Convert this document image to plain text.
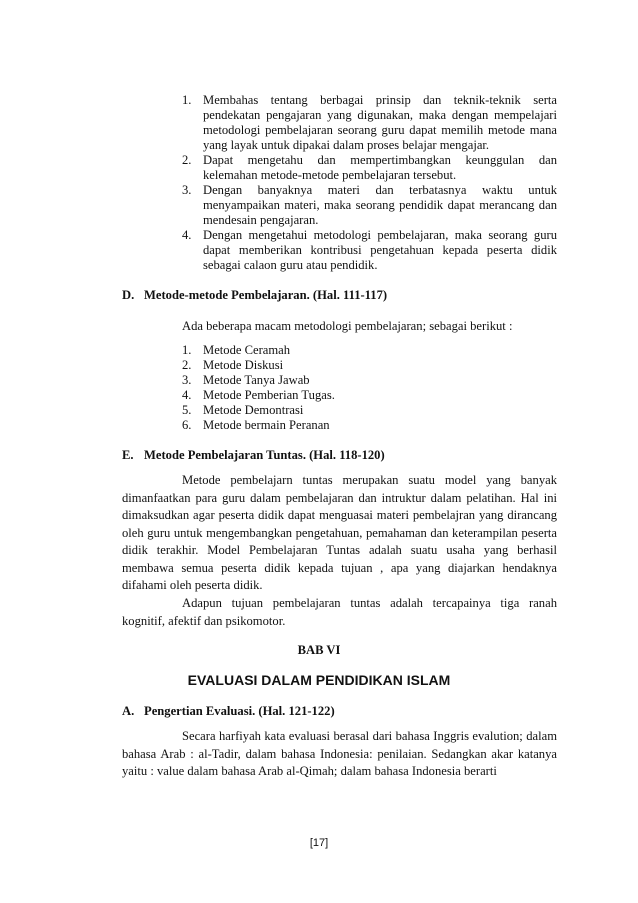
1. Membahas tentang berbagai prinsip dan teknik-teknik serta pendekatan pengajaran yang digunakan, maka dengan mempelajari metodologi pembelajaran seorang guru dapat memilih metode mana yang layak untuk dipakai dalam proses belajar mengajar.
2. Dapat mengetahu dan mempertimbangkan keunggulan dan kelemahan metode-metode pembelajaran tersebut.
3. Dengan banyaknya materi dan terbatasnya waktu untuk menyampaikan materi, maka seorang pendidik dapat merancang dan mendesain pengajaran.
4. Dengan mengetahui metodologi pembelajaran, maka seorang guru dapat memberikan kontribusi pengetahuan kepada peserta didik sebagai calaon guru atau pendidik.
D. Metode-metode Pembelajaran. (Hal. 111-117)
Ada beberapa macam metodologi pembelajaran; sebagai berikut :
1. Metode Ceramah
2. Metode Diskusi
3. Metode Tanya Jawab
4. Metode Pemberian Tugas.
5. Metode Demontrasi
6. Metode bermain Peranan
E. Metode Pembelajaran Tuntas. (Hal. 118-120)

Metode pembelajarn tuntas merupakan suatu model yang banyak dimanfaatkan para guru dalam pembelajaran dan intruktur dalam pelatihan. Hal ini dimaksudkan agar peserta didik dapat menguasai materi pembelajran yang dirancang oleh guru untuk mengembangkan pengetahuan, pemahaman dan keterampilan peserta didik terakhir. Model Pembelajaran Tuntas adalah suatu usaha yang berhasil membawa semua peserta didik kepada tujuan , apa yang diajarkan hendaknya difahami oleh peserta didik.

Adapun tujuan pembelajaran tuntas adalah tercapainya tiga ranah kognitif, afektif dan psikomotor.

BAB VI
EVALUASI DALAM PENDIDIKAN ISLAM
A. Pengertian Evaluasi. (Hal. 121-122)

Secara harfiyah kata evaluasi berasal dari bahasa Inggris evalution; dalam bahasa Arab : al-Tadir, dalam bahasa Indonesia: penilaian. Sedangkan akar katanya yaitu : value dalam bahasa Arab al-Qimah; dalam bahasa Indonesia berarti

[17]
